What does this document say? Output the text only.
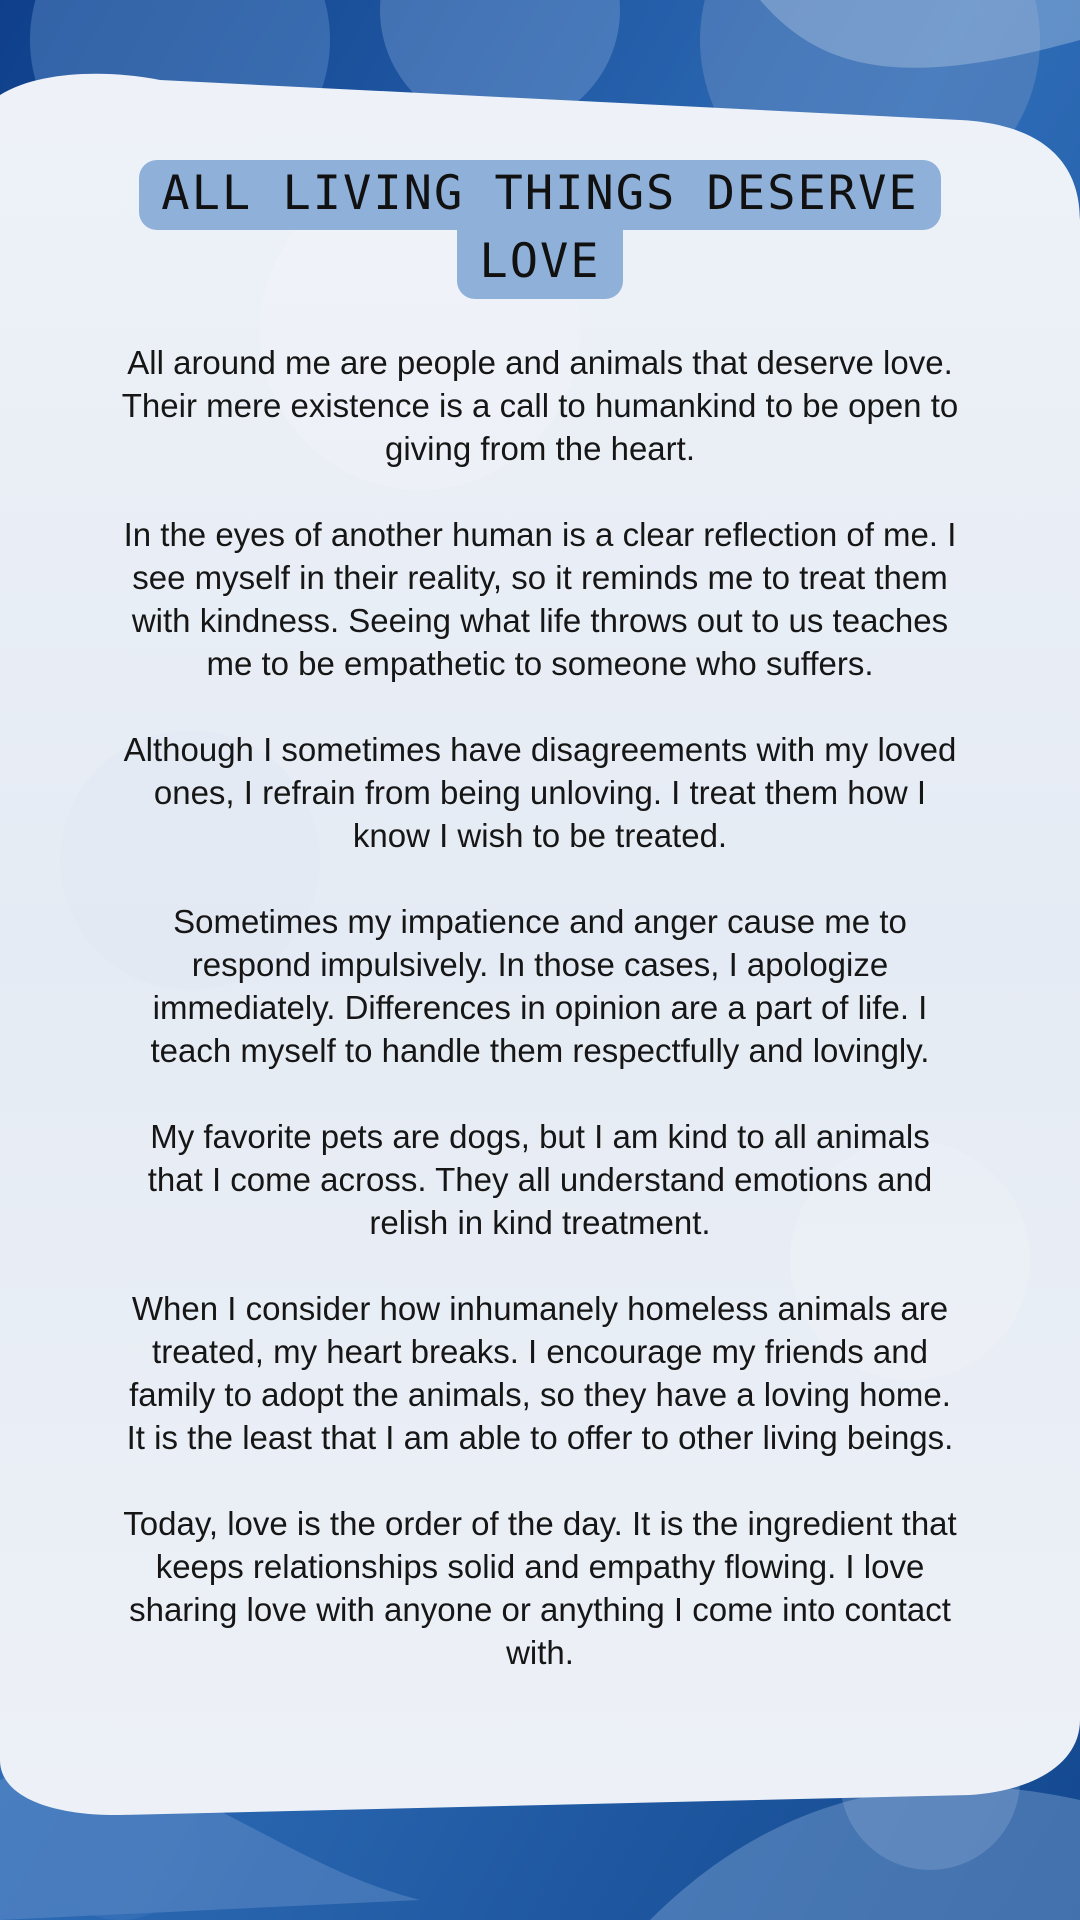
ALL LIVING THINGS DESERVE
LOVE

All around me are people and animals that deserve love. Their mere existence is a call to humankind to be open to giving from the heart.

In the eyes of another human is a clear reflection of me. I see myself in their reality, so it reminds me to treat them with kindness. Seeing what life throws out to us teaches me to be empathetic to someone who suffers.

Although I sometimes have disagreements with my loved ones, I refrain from being unloving. I treat them how I know I wish to be treated.

Sometimes my impatience and anger cause me to respond impulsively. In those cases, I apologize immediately. Differences in opinion are a part of life. I teach myself to handle them respectfully and lovingly.

My favorite pets are dogs, but I am kind to all animals that I come across. They all understand emotions and relish in kind treatment.

When I consider how inhumanely homeless animals are treated, my heart breaks. I encourage my friends and family to adopt the animals, so they have a loving home. It is the least that I am able to offer to other living beings.

Today, love is the order of the day. It is the ingredient that keeps relationships solid and empathy flowing. I love sharing love with anyone or anything I come into contact with.
